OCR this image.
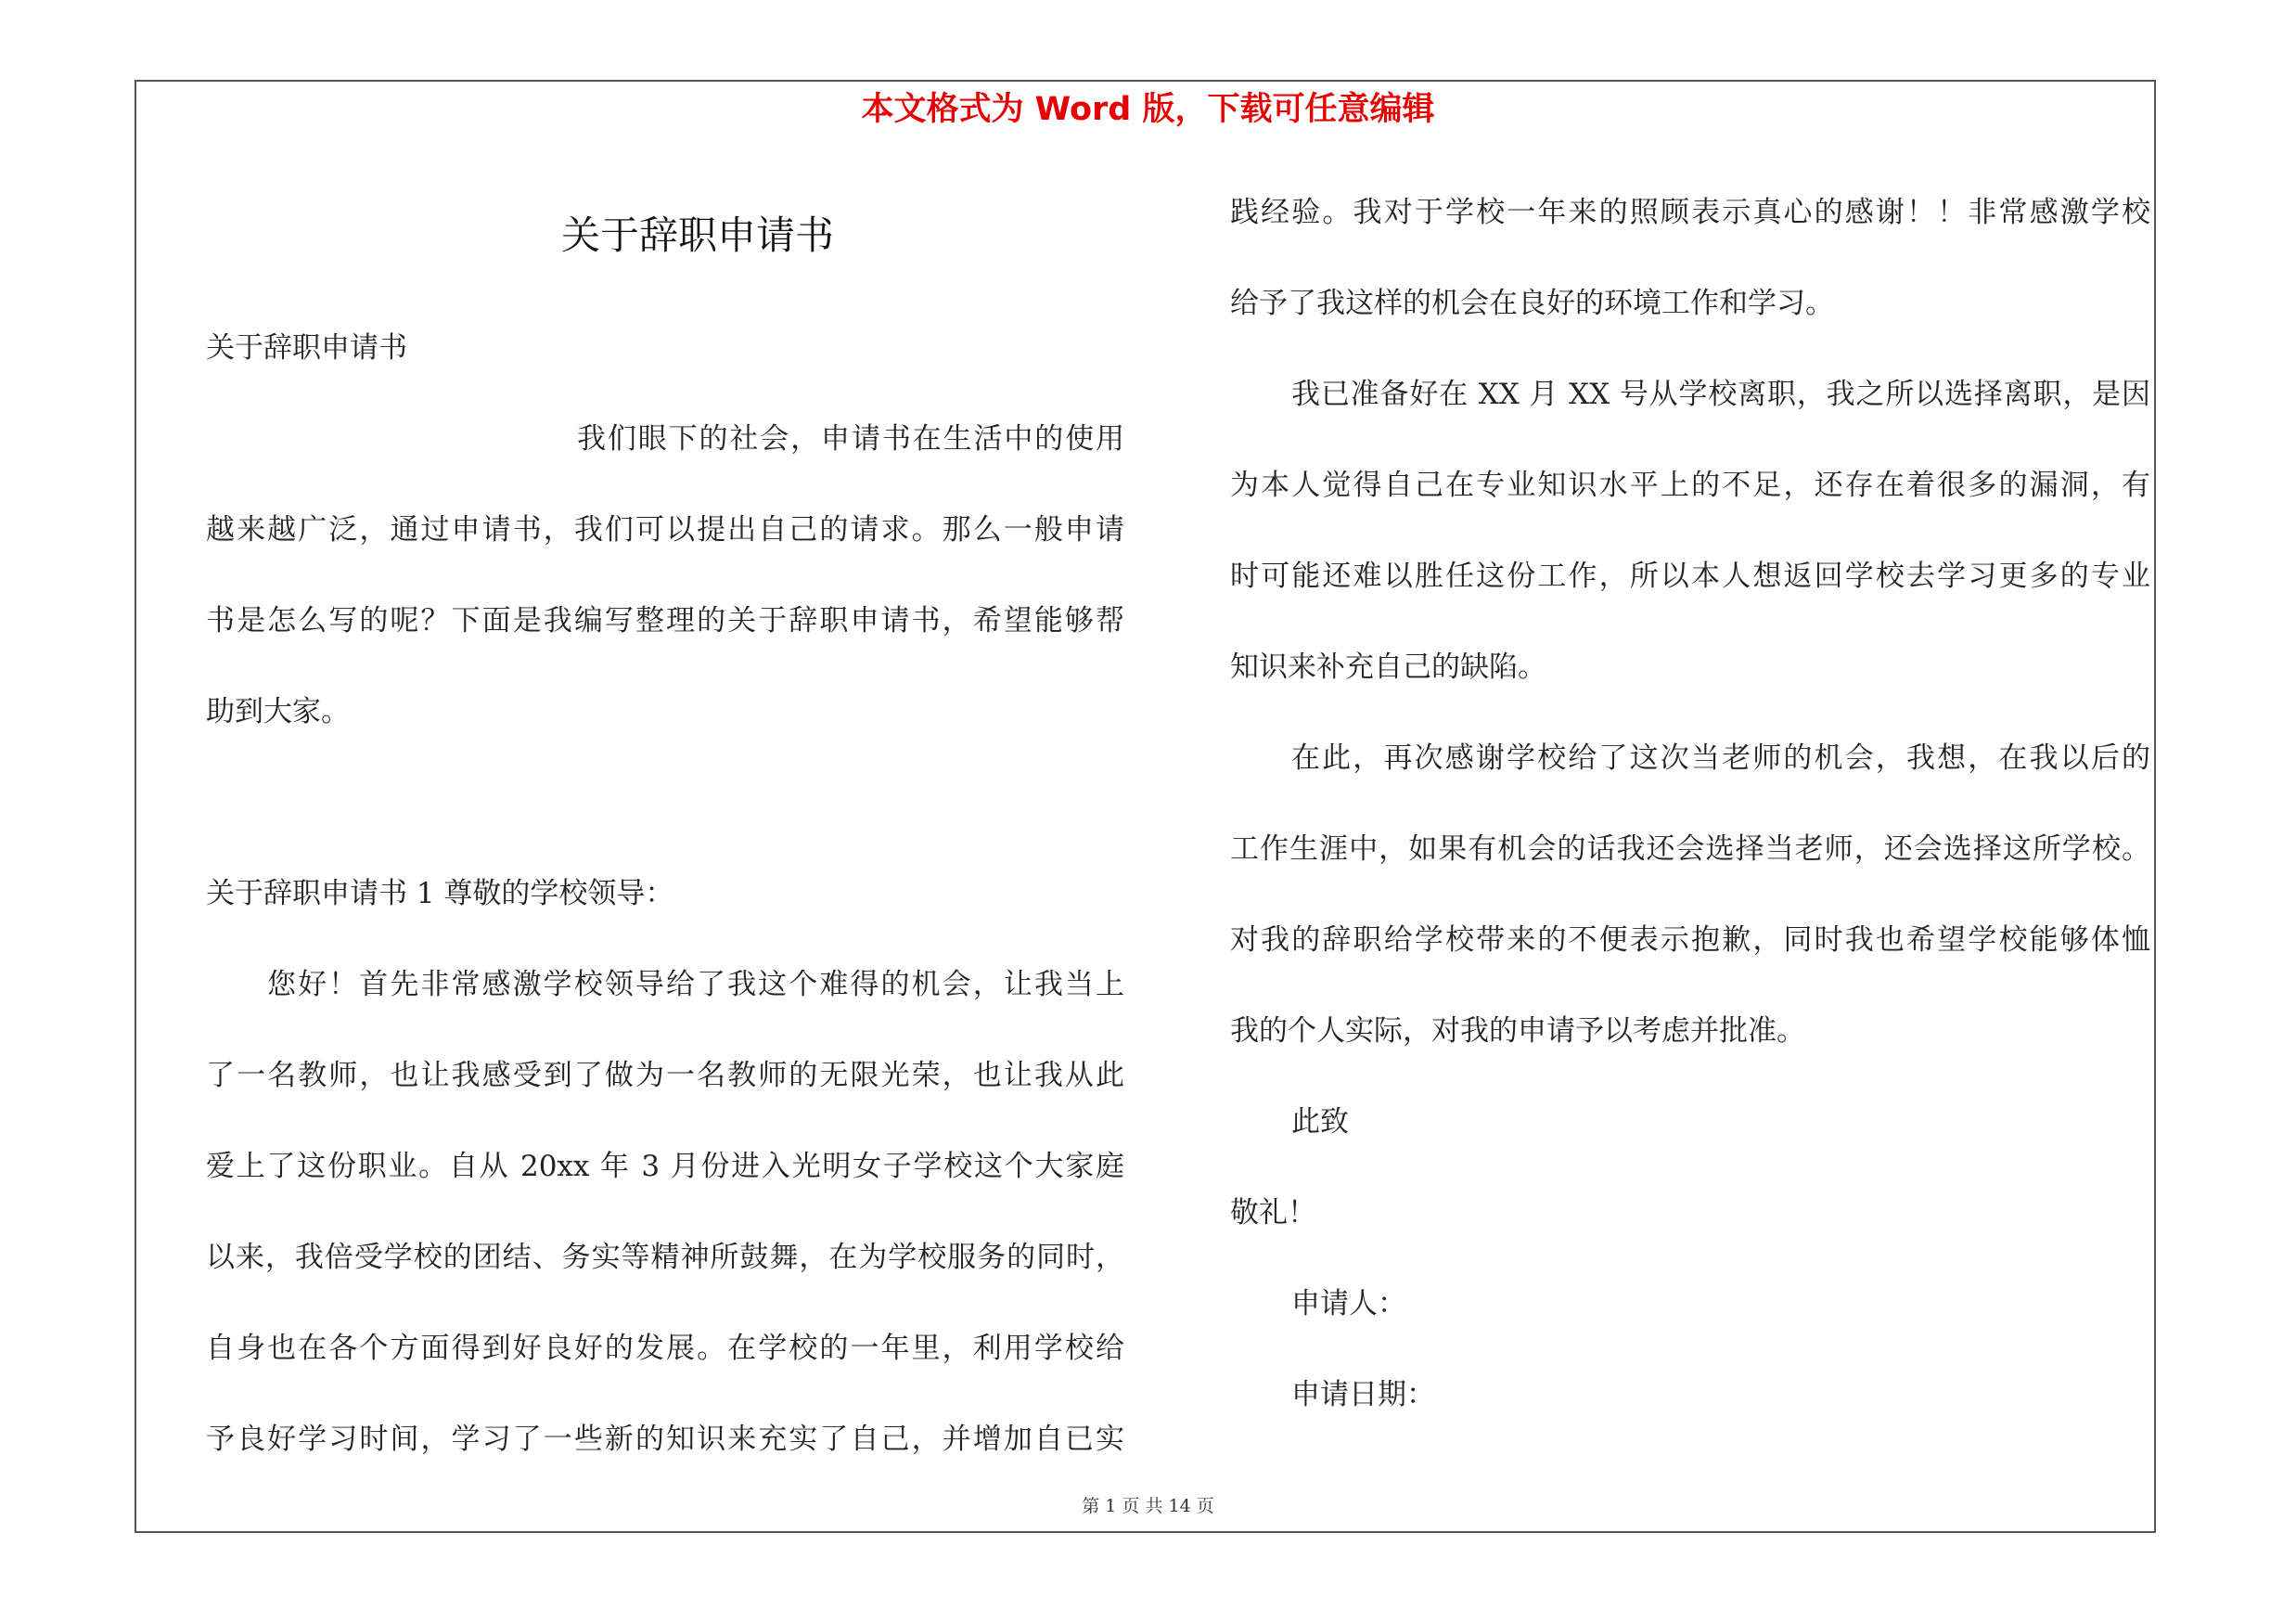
本文格式为 Word 版，下载可任意编辑
关于辞职申请书
关于辞职申请书
我们眼下的社会，申请书在生活中的使用
越来越广泛，通过申请书，我们可以提出自己的请求。那么一般申请
书是怎么写的呢？下面是我编写整理的关于辞职申请书，希望能够帮
助到大家。
关于辞职申请书 1 尊敬的学校领导：
您好！首先非常感激学校领导给了我这个难得的机会，让我当上
了一名教师，也让我感受到了做为一名教师的无限光荣，也让我从此
爱上了这份职业。自从 20xx 年 3 月份进入光明女子学校这个大家庭
以来，我倍受学校的团结、务实等精神所鼓舞，在为学校服务的同时，
自身也在各个方面得到好良好的发展。在学校的一年里，利用学校给
予良好学习时间，学习了一些新的知识来充实了自己，并增加自已实
践经验。我对于学校一年来的照顾表示真心的感谢！！非常感激学校
给予了我这样的机会在良好的环境工作和学习。
我已准备好在 XX 月 XX 号从学校离职，我之所以选择离职，是因
为本人觉得自己在专业知识水平上的不足，还存在着很多的漏洞，有
时可能还难以胜任这份工作，所以本人想返回学校去学习更多的专业
知识来补充自己的缺陷。
在此，再次感谢学校给了这次当老师的机会，我想，在我以后的
工作生涯中，如果有机会的话我还会选择当老师，还会选择这所学校。
对我的辞职给学校带来的不便表示抱歉，同时我也希望学校能够体恤
我的个人实际，对我的申请予以考虑并批准。
此致
敬礼！
申请人：
申请日期：
第 1 页 共 14 页
